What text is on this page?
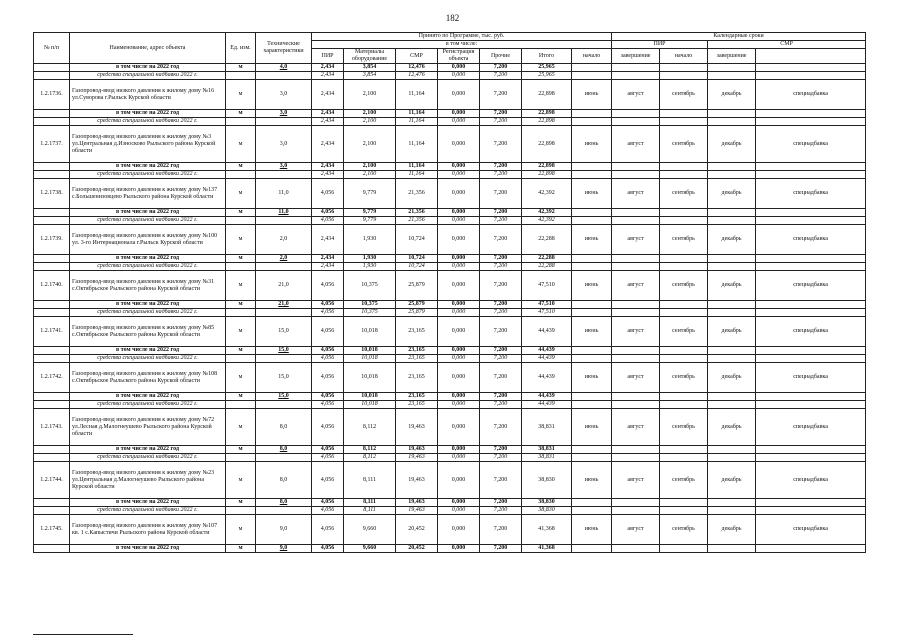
182
№ п/п	Наименование, адрес объекта	Ед. изм.	Технические характеристики	Принято по Программе, тыс. руб.							Календарные сроки	
				в том числе:							ПИР		СМР		
				ПИР	Материалы оборудование	СМР	Регистрация объекта	Прочие	Итого	начало	завершение	начало	завершение		
	в том числе на 2022 год	м	4,0	2,434	3,854	12,476	0,000	7,200	25,965						
	средства специальной надбавки 2022 г.			2,434	3,854	12,476	0,000	7,200	25,965						
1.2.1736.	Газопровод-ввод низкого давления к жилому дому №16 ул.Суворова г.Рыльск Курской области	м	3,0	2,434	2,100	11,164	0,000	7,200	22,898	июнь	август	сентябрь	декабрь	спецнадбавка	
	в том числе на 2022 год	м	3,0	2,434	2,100	11,164	0,000	7,200	22,898						
	средства специальной надбавки 2022 г.			2,434	2,100	11,164	0,000	7,200	22,898						
1.2.1737.	Газопровод-ввод низкого давления к жилому дому №3 ул.Центральная д.Износково Рыльского района Курской области	м	3,0	2,434	2,100	11,164	0,000	7,200	22,898	июнь	август	сентябрь	декабрь	спецнадбавка	
	в том числе на 2022 год	м	3,0	2,434	2,100	11,164	0,000	7,200	22,898						
	средства специальной надбавки 2022 г.			2,434	2,100	11,164	0,000	7,200	22,898						
1.2.1738.	Газопровод-ввод низкого давления к жилому дому №137 с.Большенизовцево Рыльского района Курской области	м	11,0	4,056	9,779	21,356	0,000	7,200	42,392	июнь	август	сентябрь	декабрь	спецнадбавка	
	в том числе на 2022 год	м	11,0	4,056	9,779	21,356	0,000	7,200	42,392						
	средства специальной надбавки 2022 г.			4,056	9,779	21,356	0,000	7,200	42,392						
1.2.1739.	Газопровод-ввод низкого давления к жилому дому №100 ул. 3-го Интернационала г.Рыльск Курской области	м	2,0	2,434	1,930	10,724	0,000	7,200	22,288	июнь	август	сентябрь	декабрь	спецнадбавка	
	в том числе на 2022 год	м	2,0	2,434	1,930	10,724	0,000	7,200	22,288						
	средства специальной надбавки 2022 г.			2,434	1,930	10,724	0,000	7,200	22,288						
1.2.1740.	Газопровод-ввод низкого давления к жилому дому №31 с.Октябрьское Рыльского района Курской области	м	21,0	4,056	10,375	25,879	0,000	7,200	47,510	июнь	август	сентябрь	декабрь	спецнадбавка	
	в том числе на 2022 год	м	21,0	4,056	10,375	25,879	0,000	7,200	47,510						
	средства специальной надбавки 2022 г.			4,056	10,375	25,879	0,000	7,200	47,510						
1.2.1741.	Газопровод-ввод низкого давления к жилому дому №85 с.Октябрьское Рыльского района Курской области	м	15,0	4,056	10,018	23,165	0,000	7,200	44,439	июнь	август	сентябрь	декабрь	спецнадбавка	
	в том числе на 2022 год	м	15,0	4,056	10,018	23,165	0,000	7,200	44,439						
	средства специальной надбавки 2022 г.			4,056	10,018	23,165	0,000	7,200	44,439						
1.2.1742.	Газопровод-ввод низкого давления к жилому дому №108 с.Октябрьское Рыльского района Курской области	м	15,0	4,056	10,018	23,165	0,000	7,200	44,439	июнь	август	сентябрь	декабрь	спецнадбавка	
	в том числе на 2022 год	м	15,0	4,056	10,018	23,165	0,000	7,200	44,439						
	средства специальной надбавки 2022 г.			4,056	10,018	23,165	0,000	7,200	44,439						
1.2.1743.	Газопровод-ввод низкого давления к жилому дому №72 ул.Лесная д.Малогнеушево Рыльского района Курской области	м	8,0	4,056	8,112	19,463	0,000	7,200	38,831	июнь	август	сентябрь	декабрь	спецнадбавка	
	в том числе на 2022 год	м	8,0	4,056	8,112	19,463	0,000	7,200	38,831						
	средства специальной надбавки 2022 г.			4,056	8,112	19,463	0,000	7,200	38,831						
1.2.1744.	Газопровод-ввод низкого давления к жилому дому №23 ул.Центральная д.Малогнеушево Рыльского района Курской области	м	8,0	4,056	8,111	19,463	0,000	7,200	38,830	июнь	август	сентябрь	декабрь	спецнадбавка	
	в том числе на 2022 год	м	8,0	4,056	8,111	19,463	0,000	7,200	38,830						
	средства специальной надбавки 2022 г.			4,056	8,111	19,463	0,000	7,200	38,830						
1.2.1745.	Газопровод-ввод низкого давления к жилому дому №107 кв. 1 с.Капыстичи Рыльского района Курской области	м	9,0	4,056	9,660	20,452	0,000	7,200	41,368	июнь	август	сентябрь	декабрь	спецнадбавка	
	в том числе на 2022 год	м	9,0	4,056	9,660	20,452	0,000	7,200	41,368						
